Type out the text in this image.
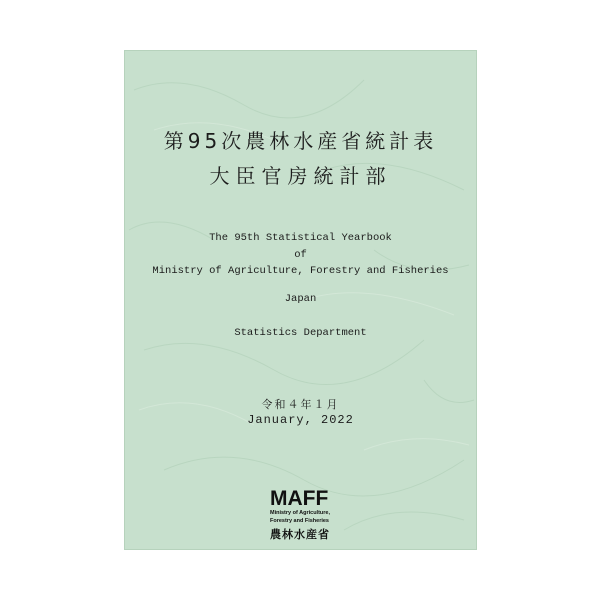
第95次農林水産省統計表
大臣官房統計部
The 95th Statistical Yearbook
of
Ministry of Agriculture, Forestry and Fisheries
Japan
Statistics Department
令和４年１月
January, 2022
MAFF
Ministry of Agriculture,
Forestry and Fisheries
農林水産省
